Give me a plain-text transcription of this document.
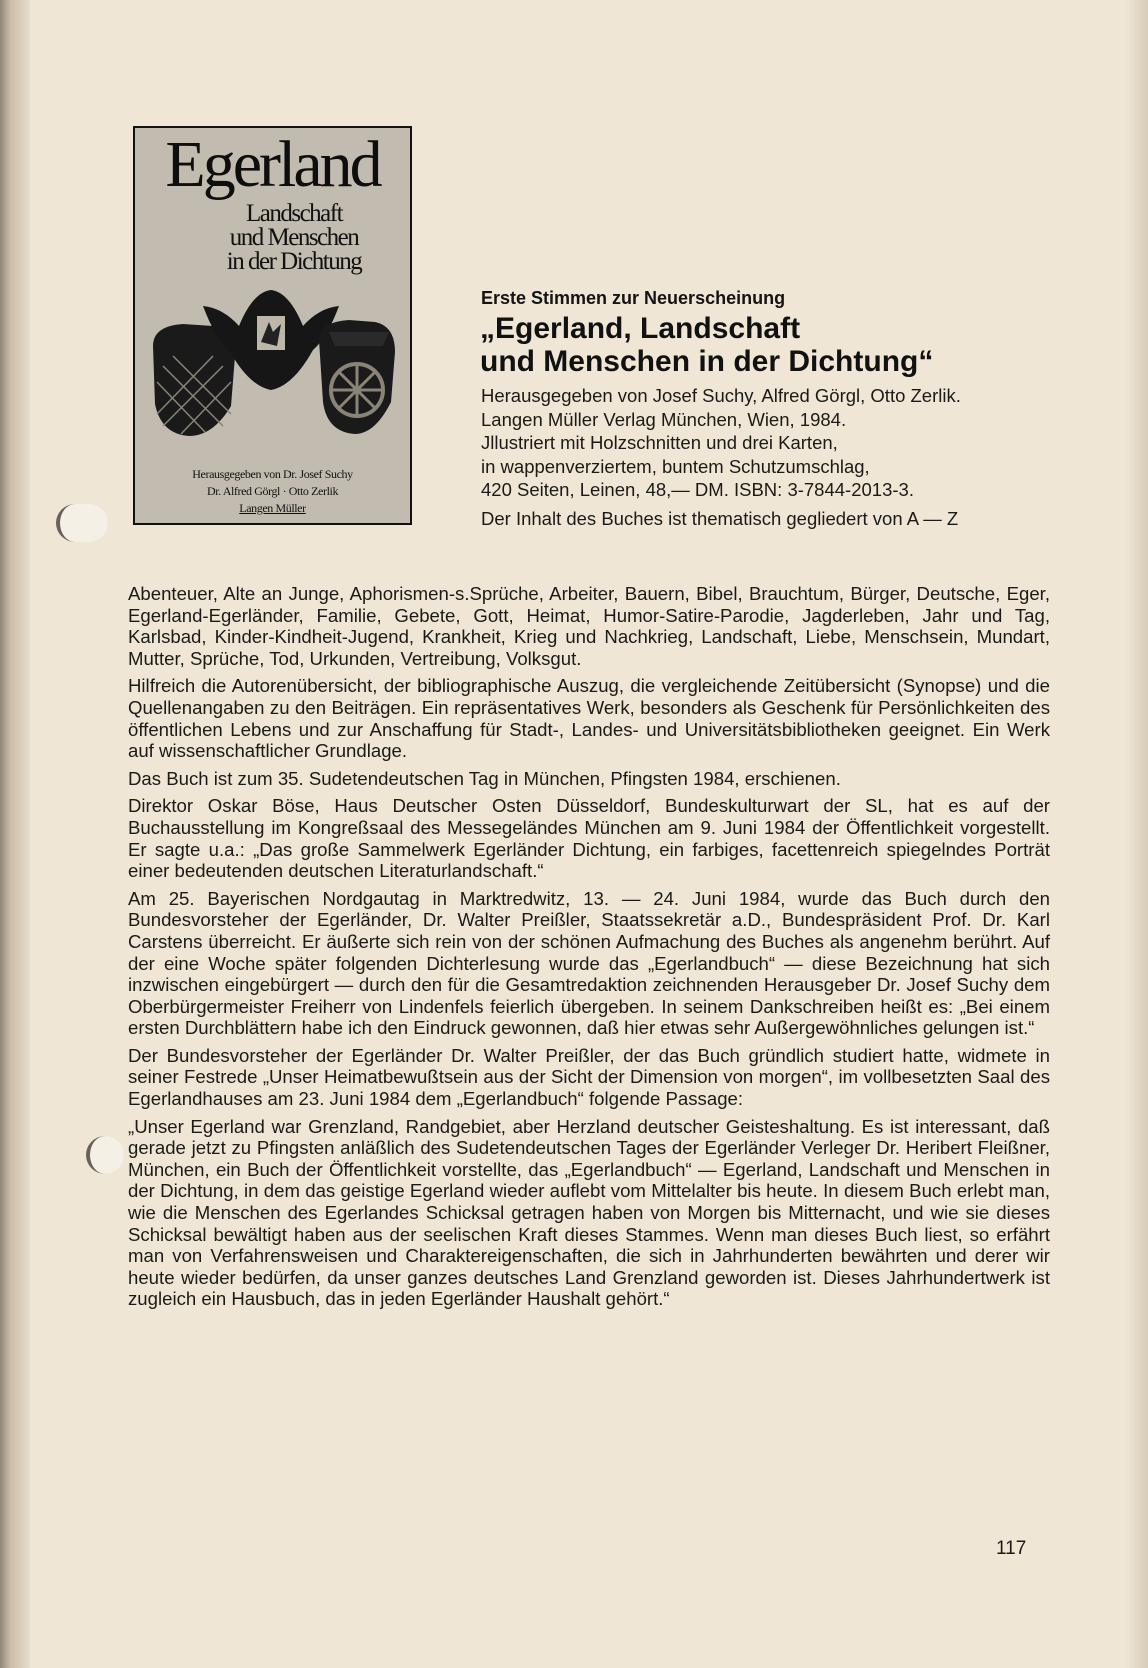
Egerland
Landschaft
und Menschen
in der Dichtung
Herausgegeben von Dr. Josef Suchy
Dr. Alfred Görgl · Otto Zerlik
Langen Müller
Erste Stimmen zur Neuerscheinung
„Egerland, Landschaft
und Menschen in der Dichtung“
Herausgegeben von Josef Suchy, Alfred Görgl, Otto Zerlik.
Langen Müller Verlag München, Wien, 1984.
Jllustriert mit Holzschnitten und drei Karten,
in wappenverziertem, buntem Schutzumschlag,
420 Seiten, Leinen, 48,— DM. ISBN: 3-7844-2013-3.
Der Inhalt des Buches ist thematisch gegliedert von A — Z

Abenteuer, Alte an Junge, Aphorismen-s.Sprüche, Arbeiter, Bauern, Bibel, Brauchtum, Bürger, Deutsche, Eger, Egerland-Egerländer, Familie, Gebete, Gott, Heimat, Humor-Satire-Parodie, Jagderleben, Jahr und Tag, Karlsbad, Kinder-Kindheit-Jugend, Krankheit, Krieg und Nachkrieg, Landschaft, Liebe, Menschsein, Mundart, Mutter, Sprüche, Tod, Urkunden, Vertreibung, Volksgut.

Hilfreich die Autorenübersicht, der bibliographische Auszug, die vergleichende Zeitübersicht (Synopse) und die Quellenangaben zu den Beiträgen. Ein repräsentatives Werk, besonders als Geschenk für Persönlichkeiten des öffentlichen Lebens und zur Anschaffung für Stadt-, Landes- und Universitätsbibliotheken geeignet. Ein Werk auf wissenschaftlicher Grundlage.

Das Buch ist zum 35. Sudetendeutschen Tag in München, Pfingsten 1984, erschienen.

Direktor Oskar Böse, Haus Deutscher Osten Düsseldorf, Bundeskulturwart der SL, hat es auf der Buchausstellung im Kongreßsaal des Messegeländes München am 9. Juni 1984 der Öffentlichkeit vorgestellt. Er sagte u.a.: „Das große Sammelwerk Egerländer Dichtung, ein farbiges, facettenreich spiegelndes Porträt einer bedeutenden deutschen Literaturlandschaft.“

Am 25. Bayerischen Nordgautag in Marktredwitz, 13. — 24. Juni 1984, wurde das Buch durch den Bundesvorsteher der Egerländer, Dr. Walter Preißler, Staatssekretär a.D., Bundespräsident Prof. Dr. Karl Carstens überreicht. Er äußerte sich rein von der schönen Aufmachung des Buches als angenehm berührt. Auf der eine Woche später folgenden Dichterlesung wurde das „Egerlandbuch“ — diese Bezeichnung hat sich inzwischen eingebürgert — durch den für die Gesamtredaktion zeichnenden Herausgeber Dr. Josef Suchy dem Oberbürgermeister Freiherr von Lindenfels feierlich übergeben. In seinem Dankschreiben heißt es: „Bei einem ersten Durchblättern habe ich den Eindruck gewonnen, daß hier etwas sehr Außergewöhnliches gelungen ist.“

Der Bundesvorsteher der Egerländer Dr. Walter Preißler, der das Buch gründlich studiert hatte, widmete in seiner Festrede „Unser Heimatbewußtsein aus der Sicht der Dimension von morgen“, im vollbesetzten Saal des Egerlandhauses am 23. Juni 1984 dem „Egerlandbuch“ folgende Passage:

„Unser Egerland war Grenzland, Randgebiet, aber Herzland deutscher Geisteshaltung. Es ist interessant, daß gerade jetzt zu Pfingsten anläßlich des Sudetendeutschen Tages der Egerländer Verleger Dr. Heribert Fleißner, München, ein Buch der Öffentlichkeit vorstellte, das „Egerlandbuch“ — Egerland, Landschaft und Menschen in der Dichtung, in dem das geistige Egerland wieder auflebt vom Mittelalter bis heute. In diesem Buch erlebt man, wie die Menschen des Egerlandes Schicksal getragen haben von Morgen bis Mitternacht, und wie sie dieses Schicksal bewältigt haben aus der seelischen Kraft dieses Stammes. Wenn man dieses Buch liest, so erfährt man von Verfahrensweisen und Charaktereigenschaften, die sich in Jahrhunderten bewährten und derer wir heute wieder bedürfen, da unser ganzes deutsches Land Grenzland geworden ist. Dieses Jahrhundertwerk ist zugleich ein Hausbuch, das in jeden Egerländer Haushalt gehört.“

117
